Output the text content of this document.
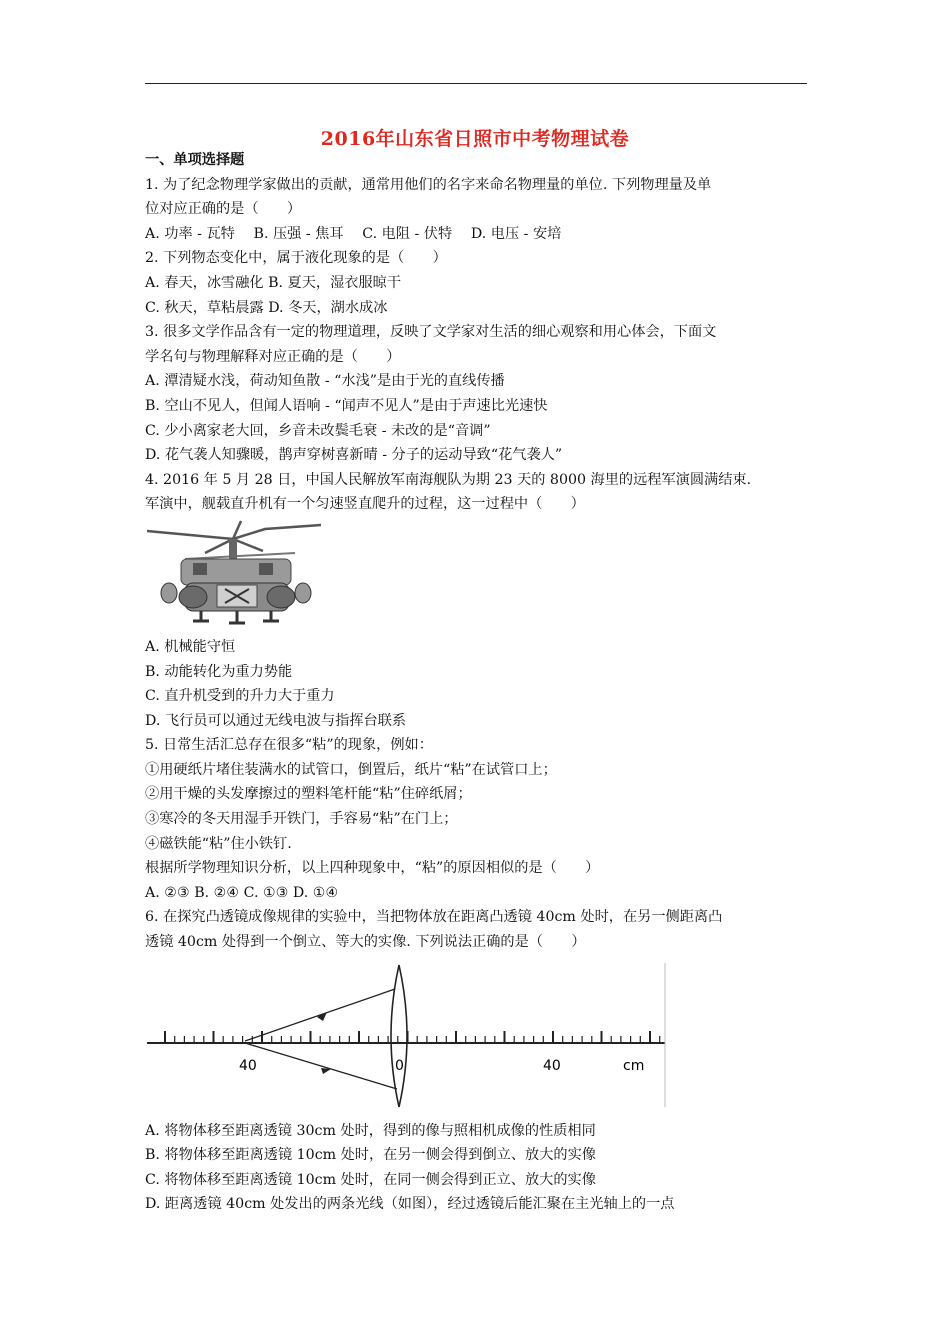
2016年山东省日照市中考物理试卷
一、单项选择题
1. 为了纪念物理学家做出的贡献，通常用他们的名字来命名物理量的单位. 下列物理量及单
位对应正确的是（　　）
A. 功率 - 瓦特　 B. 压强 - 焦耳　 C. 电阻 - 伏特　 D. 电压 - 安培
2. 下列物态变化中，属于液化现象的是（　　）
A. 春天，冰雪融化 B. 夏天，湿衣服晾干
C. 秋天，草粘晨露 D. 冬天，湖水成冰
3. 很多文学作品含有一定的物理道理，反映了文学家对生活的细心观察和用心体会，下面文
学名句与物理解释对应正确的是（　　）
A. 潭清疑水浅，荷动知鱼散 - “水浅”是由于光的直线传播
B. 空山不见人，但闻人语响 - “闻声不见人”是由于声速比光速快
C. 少小离家老大回，乡音未改鬓毛衰 - 未改的是“音调”
D. 花气袭人知骤暖，鹊声穿树喜新晴 - 分子的运动导致“花气袭人”
4. 2016 年 5 月 28 日，中国人民解放军南海舰队为期 23 天的 8000 海里的远程军演圆满结束.
军演中，舰载直升机有一个匀速竖直爬升的过程，这一过程中（　　）
A. 机械能守恒
B. 动能转化为重力势能
C. 直升机受到的升力大于重力
D. 飞行员可以通过无线电波与指挥台联系
5. 日常生活汇总存在很多“粘”的现象，例如：
①用硬纸片堵住装满水的试管口，倒置后，纸片“粘”在试管口上；
②用干燥的头发摩擦过的塑料笔杆能“粘”住碎纸屑；
③寒冷的冬天用湿手开铁门，手容易“粘”在门上；
④磁铁能“粘”住小铁钉.
根据所学物理知识分析，以上四种现象中，“粘”的原因相似的是（　　）
A. ②③ B. ②④ C. ①③ D. ①④
6. 在探究凸透镜成像规律的实验中，当把物体放在距离凸透镜 40cm 处时，在另一侧距离凸
透镜 40cm 处得到一个倒立、等大的实像. 下列说法正确的是（　　）
40	0	40	cm
A. 将物体移至距离透镜 30cm 处时，得到的像与照相机成像的性质相同
B. 将物体移至距离透镜 10cm 处时，在另一侧会得到倒立、放大的实像
C. 将物体移至距离透镜 10cm 处时，在同一侧会得到正立、放大的实像
D. 距离透镜 40cm 处发出的两条光线（如图），经过透镜后能汇聚在主光轴上的一点
